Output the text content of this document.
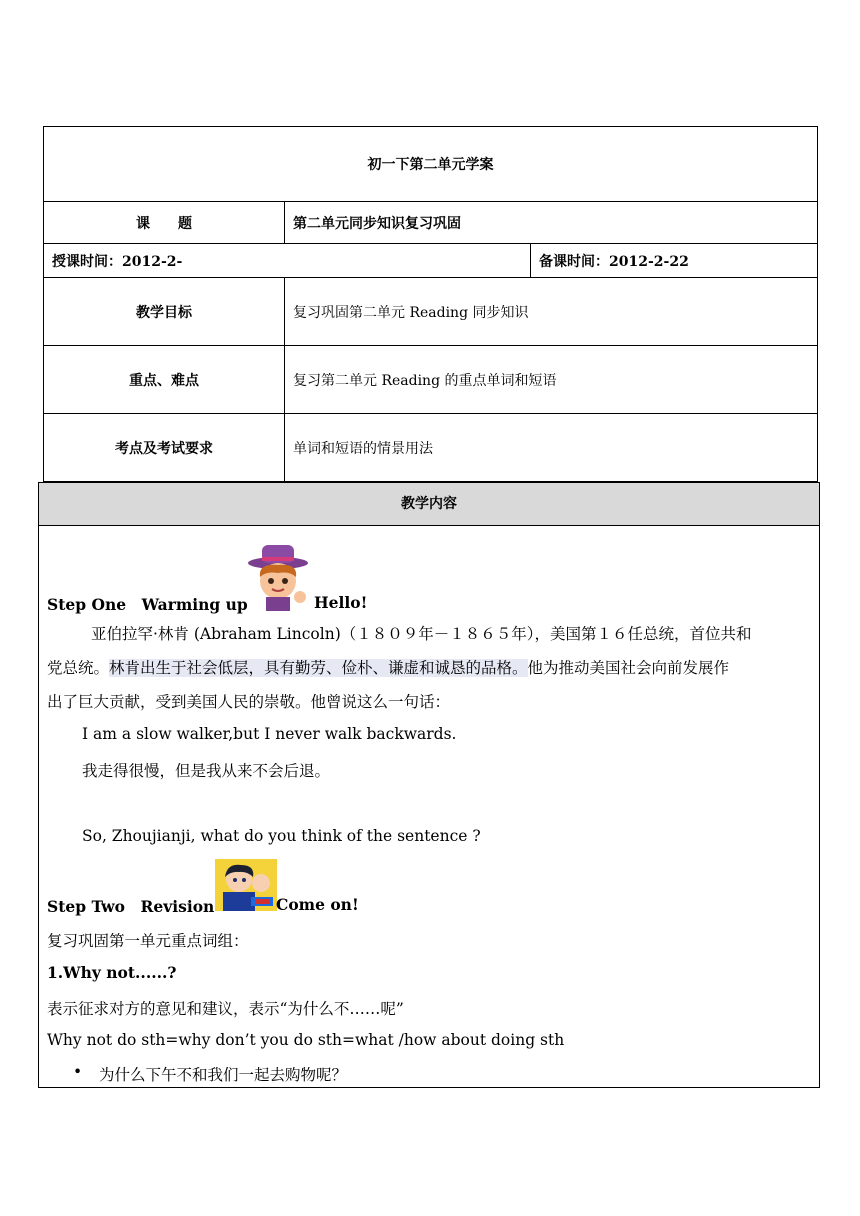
初一下第二单元学案		
课　　题	第二单元同步知识复习巩固	
授课时间：2012-2-		备课时间：2012-2-22
教学目标	复习巩固第二单元 Reading 同步知识	
重点、难点	复习第二单元 Reading 的重点单词和短语	
考点及考试要求	单词和短语的情景用法	
教学内容
Step One　Warming up	Hello!
亚伯拉罕·林肯 (Abraham Lincoln)（１８０９年－１８６５年），美国第１６任总统，首位共和
党总统。林肯出生于社会低层，具有勤劳、俭朴、谦虚和诚恳的品格。他为推动美国社会向前发展作
出了巨大贡献，受到美国人民的崇敬。他曾说这么一句话：
I am a slow walker,but I never walk backwards.
我走得很慢，但是我从来不会后退。
So, Zhoujianji, what do you think of the sentence ?
Step Two　Revision	Come on!
复习巩固第一单元重点词组：
1.Why not......?
表示征求对方的意见和建议，表示“为什么不……呢”
Why not do sth=why don’t you do sth=what /how about doing sth
• 为什么下午不和我们一起去购物呢？
